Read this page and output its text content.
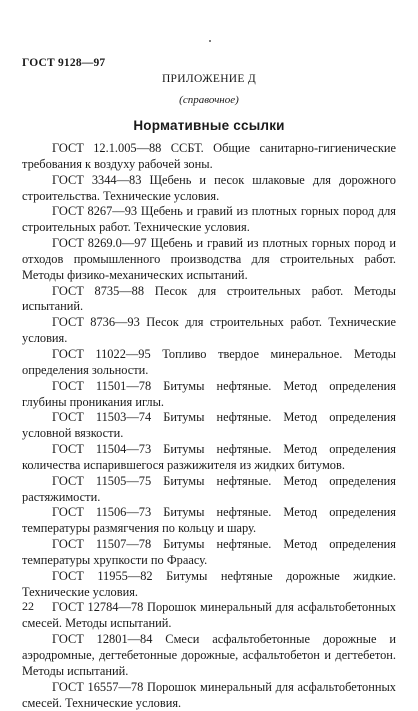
ГОСТ 9128—97
ПРИЛОЖЕНИЕ Д
(справочное)
Нормативные ссылки

ГОСТ 12.1.005—88 ССБТ. Общие санитарно-гигиенические требования к воздуху рабочей зоны.

ГОСТ 3344—83 Щебень и песок шлаковые для дорожного строительства. Технические условия.

ГОСТ 8267—93 Щебень и гравий из плотных горных пород для строительных работ. Технические условия.

ГОСТ 8269.0—97 Щебень и гравий из плотных горных пород и отходов промышленного производства для строительных работ. Методы физико-механических испытаний.

ГОСТ 8735—88 Песок для строительных работ. Методы испытаний.

ГОСТ 8736—93 Песок для строительных работ. Технические условия.

ГОСТ 11022—95 Топливо твердое минеральное. Методы определения зольности.

ГОСТ 11501—78 Битумы нефтяные. Метод определения глубины проникания иглы.

ГОСТ 11503—74 Битумы нефтяные. Метод определения условной вязкости.

ГОСТ 11504—73 Битумы нефтяные. Метод определения количества испарившегося разжижителя из жидких битумов.

ГОСТ 11505—75 Битумы нефтяные. Метод определения растяжимости.

ГОСТ 11506—73 Битумы нефтяные. Метод определения температуры размягчения по кольцу и шару.

ГОСТ 11507—78 Битумы нефтяные. Метод определения температуры хрупкости по Фраасу.

ГОСТ 11955—82 Битумы нефтяные дорожные жидкие. Технические условия.

ГОСТ 12784—78 Порошок минеральный для асфальтобетонных смесей. Методы испытаний.

ГОСТ 12801—84 Смеси асфальтобетонные дорожные и аэродромные, дегтебетонные дорожные, асфальтобетон и дегтебетон. Методы испытаний.

ГОСТ 16557—78 Порошок минеральный для асфальтобетонных смесей. Технические условия.

22
